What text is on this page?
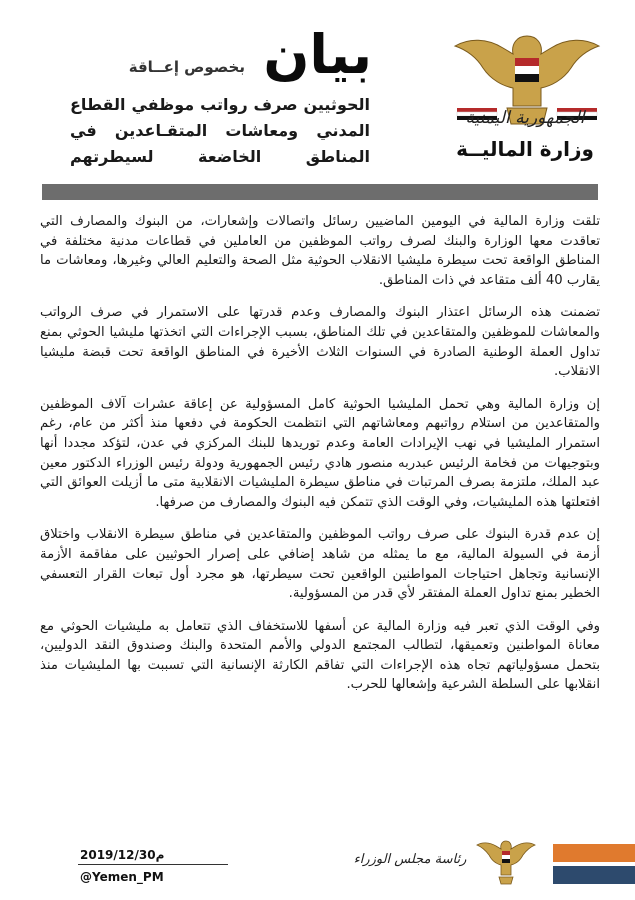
الجمهورية اليمنية
وزارة الماليــة
بيان
بخصوص إعــاقة
الحوثيين صرف رواتب موظفي القطاع
المدني ومعاشات المتقـاعدين في
المناطق الخاضعة لسيطرتهم

تلقت وزارة المالية في اليومين الماضيين رسائل واتصالات وإشعارات، من البنوك والمصارف التي تعاقدت معها الوزارة والبنك لصرف رواتب الموظفين من العاملين في قطاعات مدنية مختلفة في المناطق الواقعة تحت سيطرة مليشيا الانقلاب الحوثية مثل الصحة والتعليم العالي وغيرها، ومعاشات ما يقارب 40 ألف متقاعد في ذات المناطق.

تضمنت هذه الرسائل اعتذار البنوك والمصارف وعدم قدرتها على الاستمرار في صرف الرواتب والمعاشات للموظفين والمتقاعدين في تلك المناطق، بسبب الإجراءات التي اتخذتها مليشيا الحوثي بمنع تداول العملة الوطنية الصادرة في السنوات الثلاث الأخيرة في المناطق الواقعة تحت قبضة مليشيا الانقلاب.

إن وزارة المالية وهي تحمل المليشيا الحوثية كامل المسؤولية عن إعاقة عشرات آلاف الموظفين والمتقاعدين من استلام رواتبهم ومعاشاتهم التي انتظمت الحكومة في دفعها منذ أكثر من عام، رغم استمرار المليشيا في نهب الإيرادات العامة وعدم توريدها للبنك المركزي في عدن، لتؤكد مجددا أنها وبتوجيهات من فخامة الرئيس عبدربه منصور هادي رئيس الجمهورية ودولة رئيس الوزراء الدكتور معين عبد الملك، ملتزمة بصرف المرتبات في مناطق سيطرة المليشيات الانقلابية متى ما أزيلت العوائق التي افتعلتها هذه المليشيات، وفي الوقت الذي تتمكن فيه البنوك والمصارف من صرفها.

إن عدم قدرة البنوك على صرف رواتب الموظفين والمتقاعدين في مناطق سيطرة الانقلاب واختلاق أزمة في السيولة المالية، مع ما يمثله من شاهد إضافي على إصرار الحوثيين على مفاقمة الأزمة الإنسانية وتجاهل احتياجات المواطنين الواقعين تحت سيطرتها، هو مجرد أول تبعات القرار التعسفي الخطير بمنع تداول العملة المفتقر لأي قدر من المسؤولية.

وفي الوقت الذي تعبر فيه وزارة المالية عن أسفها للاستخفاف الذي تتعامل به مليشيات الحوثي مع معاناة المواطنين وتعميقها، لتطالب المجتمع الدولي والأمم المتحدة والبنك وصندوق النقد الدوليين، بتحمل مسؤولياتهم تجاه هذه الإجراءات التي تفاقم الكارثة الإنسانية التي تسببت بها المليشيات منذ انقلابها على السلطة الشرعية وإشعالها للحرب.

2019/12/30م
@Yemen_PM
رئاسة مجلس الوزراء
